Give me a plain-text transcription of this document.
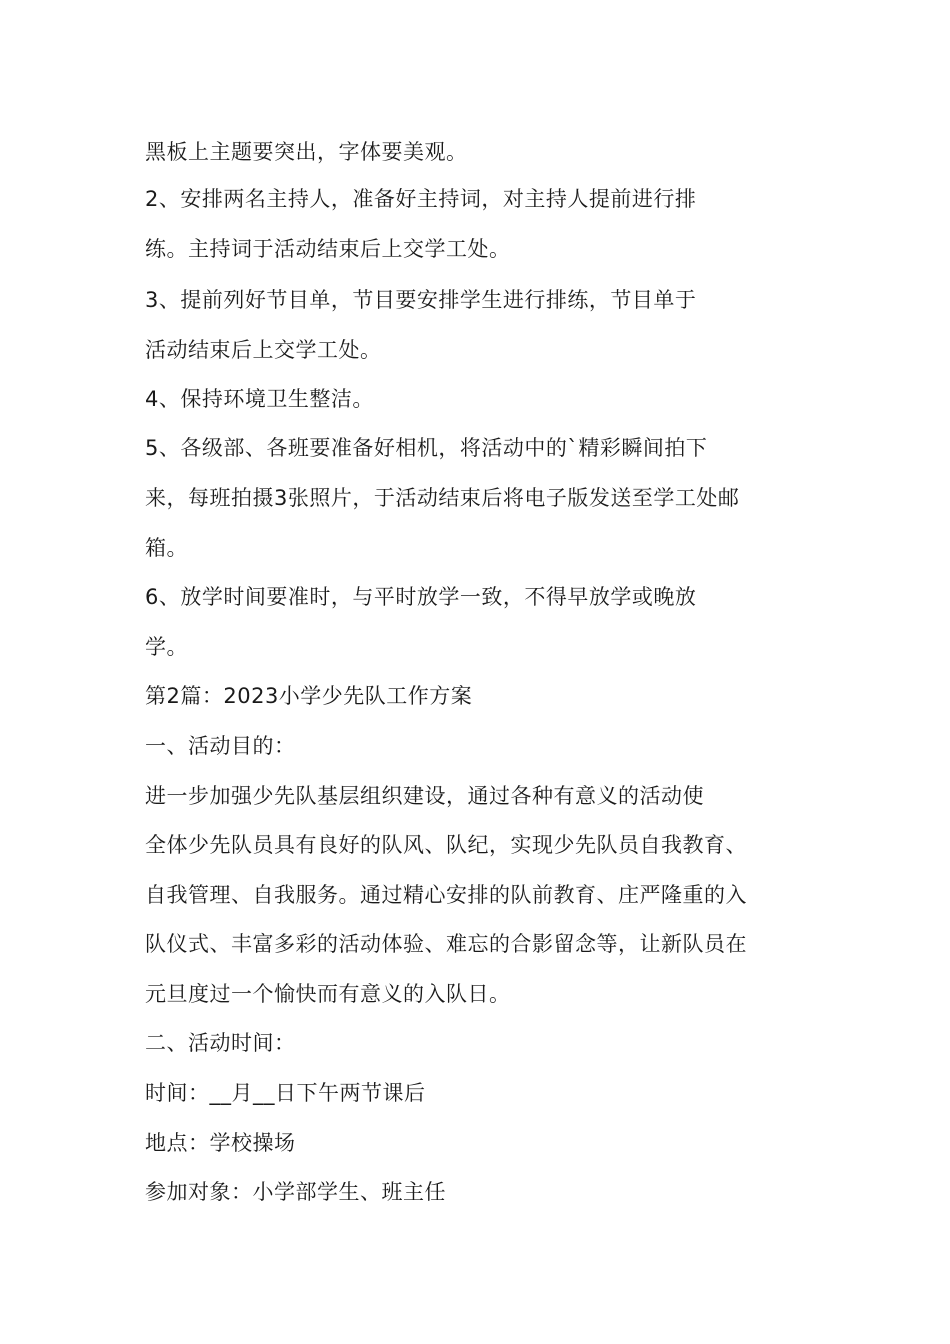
黑板上主题要突出，字体要美观。
2、安排两名主持人，准备好主持词，对主持人提前进行排
练。主持词于活动结束后上交学工处。
3、提前列好节目单，节目要安排学生进行排练，节目单于
活动结束后上交学工处。
4、保持环境卫生整洁。
5、各级部、各班要准备好相机，将活动中的`精彩瞬间拍下
来，每班拍摄3张照片，于活动结束后将电子版发送至学工处邮
箱。
6、放学时间要准时，与平时放学一致，不得早放学或晚放
学。
第2篇：2023小学少先队工作方案
一、活动目的：
进一步加强少先队基层组织建设，通过各种有意义的活动使
全体少先队员具有良好的队风、队纪，实现少先队员自我教育、
自我管理、自我服务。通过精心安排的队前教育、庄严隆重的入
队仪式、丰富多彩的活动体验、难忘的合影留念等，让新队员在
元旦度过一个愉快而有意义的入队日。
二、活动时间：
时间：__月__日下午两节课后
地点：学校操场
参加对象：小学部学生、班主任
